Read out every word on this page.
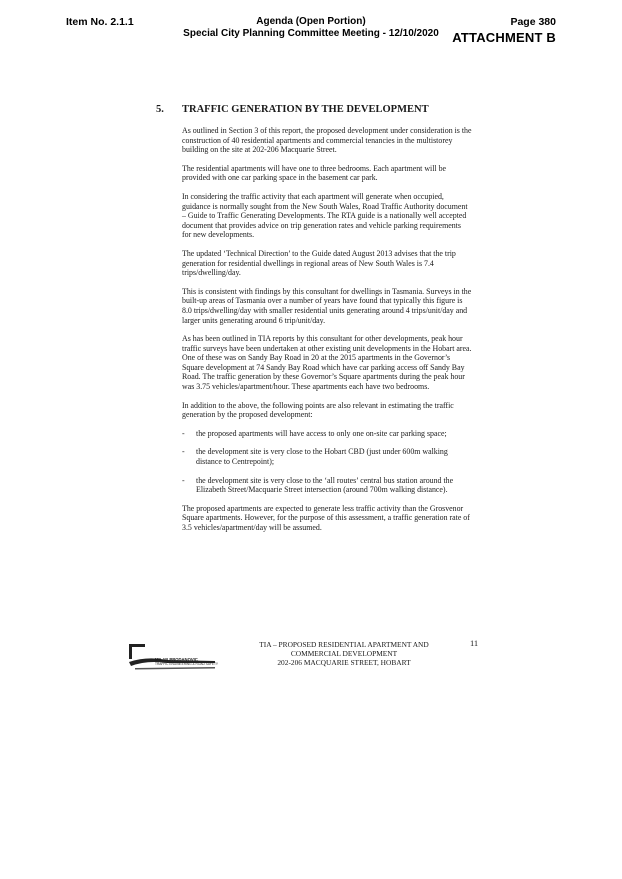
Item No. 2.1.1	Agenda (Open Portion)
Special City Planning Committee Meeting - 12/10/2020
Page 380
ATTACHMENT B
5. TRAFFIC GENERATION BY THE DEVELOPMENT

As outlined in Section 3 of this report, the proposed development under consideration is the construction of 40 residential apartments and commercial tenancies in the multistorey building on the site at 202-206 Macquarie Street.

The residential apartments will have one to three bedrooms. Each apartment will be provided with one car parking space in the basement car park.

In considering the traffic activity that each apartment will generate when occupied, guidance is normally sought from the New South Wales, Road Traffic Authority document – Guide to Traffic Generating Developments. The RTA guide is a nationally well accepted document that provides advice on trip generation rates and vehicle parking requirements for new developments.

The updated ‘Technical Direction’ to the Guide dated August 2013 advises that the trip generation for residential dwellings in regional areas of New South Wales is 7.4 trips/dwelling/day.

This is consistent with findings by this consultant for dwellings in Tasmania. Surveys in the built-up areas of Tasmania over a number of years have found that typically this figure is 8.0 trips/dwelling/day with smaller residential units generating around 4 trips/unit/day and larger units generating around 6 trip/unit/day.

As has been outlined in TIA reports by this consultant for other developments, peak hour traffic surveys have been undertaken at other existing unit developments in the Hobart area. One of these was on Sandy Bay Road in 20 at the 2015 apartments in the Governor’s Square development at 74 Sandy Bay Road which have car parking access off Sandy Bay Road. The traffic generation by these Governor’s Square apartments during the peak hour was 3.75 vehicles/apartment/hour. These apartments each have two bedrooms.

In addition to the above, the following points are also relevant in estimating the traffic generation by the proposed development:

-	the proposed apartments will have access to only one on-site car parking space;
-	the development site is very close to the Hobart CBD (just under 600m walking distance to Centrepoint);
-	the development site is very close to the ‘all routes’ central bus station around the Elizabeth Street/Macquarie Street intersection (around 700m walking distance).

The proposed apartments are expected to generate less traffic activity than the Grosvenor Square apartments. However, for the purpose of this assessment, a traffic generation rate of 3.5 vehicles/apartment/day will be assumed.

MILAN PRODANOVIC
TRAFFIC ENGINEERING & ROAD SAFETY
TIA – PROPOSED RESIDENTIAL APARTMENT AND
COMMERCIAL DEVELOPMENT
202-206 MACQUARIE STREET, HOBART
11
